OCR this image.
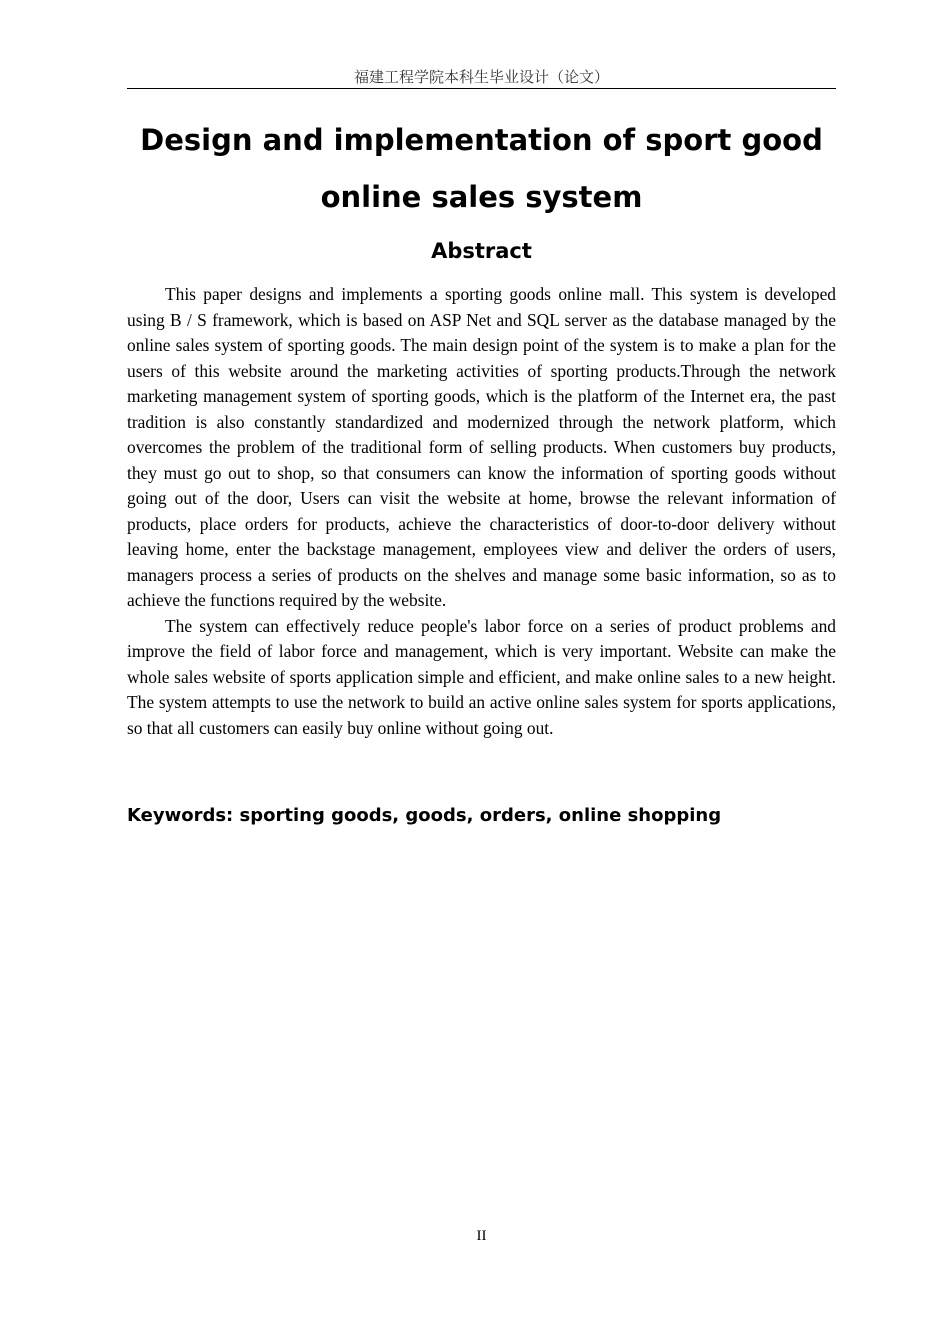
福建工程学院本科生毕业设计（论文）
Design and implementation of sport good online sales system
Abstract

This paper designs and implements a sporting goods online mall. This system is developed using B / S framework, which is based on ASP Net and SQL server as the database managed by the online sales system of sporting goods. The main design point of the system is to make a plan for the users of this website around the marketing activities of sporting products.Through the network marketing management system of sporting goods, which is the platform of the Internet era, the past tradition is also constantly standardized and modernized through the network platform, which overcomes the problem of the traditional form of selling products. When customers buy products, they must go out to shop, so that consumers can know the information of sporting goods without going out of the door, Users can visit the website at home, browse the relevant information of products, place orders for products, achieve the characteristics of door-to-door delivery without leaving home, enter the backstage management, employees view and deliver the orders of users, managers process a series of products on the shelves and manage some basic information, so as to achieve the functions required by the website.

The system can effectively reduce people's labor force on a series of product problems and improve the field of labor force and management, which is very important. Website can make the whole sales website of sports application simple and efficient, and make online sales to a new height. The system attempts to use the network to build an active online sales system for sports applications, so that all customers can easily buy online without going out.

Keywords: sporting goods, goods, orders, online shopping

II
